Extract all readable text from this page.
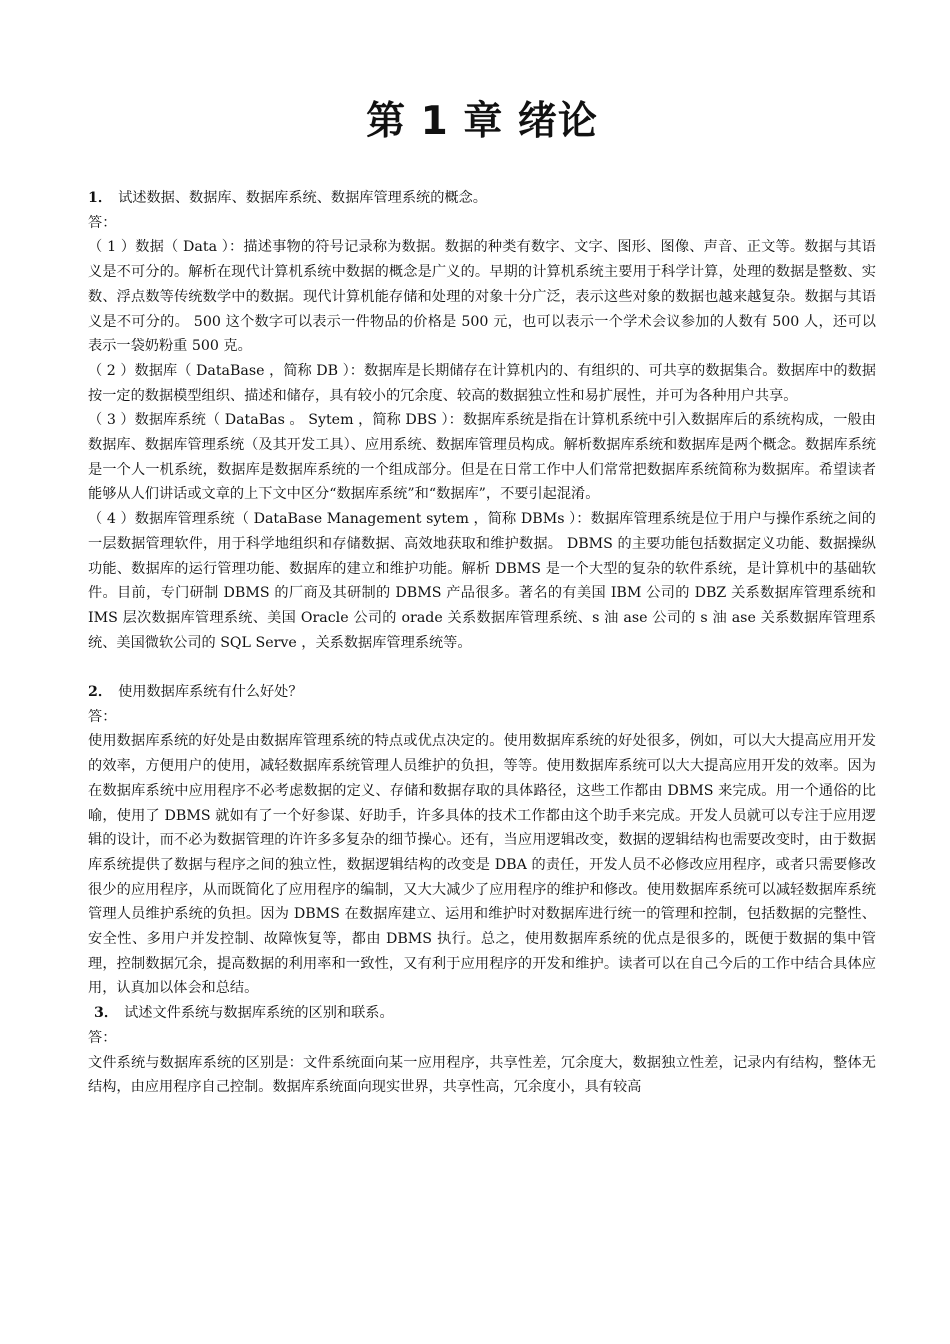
第 1 章 绪论
1． 试述数据、数据库、数据库系统、数据库管理系统的概念。
答：

（ 1 ）数据（ Data ）：描述事物的符号记录称为数据。数据的种类有数字、文字、图形、图像、声音、正文等。数据与其语义是不可分的。解析在现代计算机系统中数据的概念是广义的。早期的计算机系统主要用于科学计算，处理的数据是整数、实数、浮点数等传统数学中的数据。现代计算机能存储和处理的对象十分广泛，表示这些对象的数据也越来越复杂。数据与其语义是不可分的。 500 这个数字可以表示一件物品的价格是 500 元，也可以表示一个学术会议参加的人数有 500 人，还可以表示一袋奶粉重 500 克。

（ 2 ）数据库（ DataBase ，简称 DB ）：数据库是长期储存在计算机内的、有组织的、可共享的数据集合。数据库中的数据按一定的数据模型组织、描述和储存，具有较小的冗余度、较高的数据独立性和易扩展性，并可为各种用户共享。

（ 3 ）数据库系统（ DataBas 。 Sytem ，简称 DBS ）：数据库系统是指在计算机系统中引入数据库后的系统构成，一般由数据库、数据库管理系统（及其开发工具）、应用系统、数据库管理员构成。解析数据库系统和数据库是两个概念。数据库系统是一个人一机系统，数据库是数据库系统的一个组成部分。但是在日常工作中人们常常把数据库系统简称为数据库。希望读者能够从人们讲话或文章的上下文中区分“数据库系统”和“数据库”，不要引起混淆。

（ 4 ）数据库管理系统（ DataBase Management sytem ，简称 DBMs ）：数据库管理系统是位于用户与操作系统之间的一层数据管理软件，用于科学地组织和存储数据、高效地获取和维护数据。 DBMS 的主要功能包括数据定义功能、数据操纵功能、数据库的运行管理功能、数据库的建立和维护功能。解析 DBMS 是一个大型的复杂的软件系统，是计算机中的基础软件。目前，专门研制 DBMS 的厂商及其研制的 DBMS 产品很多。著名的有美国 IBM 公司的 DBZ 关系数据库管理系统和 IMS 层次数据库管理系统、美国 Oracle 公司的 orade 关系数据库管理系统、s 油 ase 公司的 s 油 ase 关系数据库管理系统、美国微软公司的 SQL Serve ，关系数据库管理系统等。

2． 使用数据库系统有什么好处？
答：

使用数据库系统的好处是由数据库管理系统的特点或优点决定的。使用数据库系统的好处很多，例如，可以大大提高应用开发的效率，方便用户的使用，减轻数据库系统管理人员维护的负担，等等。使用数据库系统可以大大提高应用开发的效率。因为在数据库系统中应用程序不必考虑数据的定义、存储和数据存取的具体路径，这些工作都由 DBMS 来完成。用一个通俗的比喻，使用了 DBMS 就如有了一个好参谋、好助手，许多具体的技术工作都由这个助手来完成。开发人员就可以专注于应用逻辑的设计，而不必为数据管理的许许多多复杂的细节操心。还有，当应用逻辑改变，数据的逻辑结构也需要改变时，由于数据库系统提供了数据与程序之间的独立性，数据逻辑结构的改变是 DBA 的责任，开发人员不必修改应用程序，或者只需要修改很少的应用程序，从而既简化了应用程序的编制，又大大减少了应用程序的维护和修改。使用数据库系统可以减轻数据库系统管理人员维护系统的负担。因为 DBMS 在数据库建立、运用和维护时对数据库进行统一的管理和控制，包括数据的完整性、安全性、多用户并发控制、故障恢复等，都由 DBMS 执行。总之，使用数据库系统的优点是很多的，既便于数据的集中管理，控制数据冗余，提高数据的利用率和一致性，又有利于应用程序的开发和维护。读者可以在自己今后的工作中结合具体应用，认真加以体会和总结。

3． 试述文件系统与数据库系统的区别和联系。
答：

文件系统与数据库系统的区别是：文件系统面向某一应用程序，共享性差，冗余度大，数据独立性差，记录内有结构，整体无结构，由应用程序自己控制。数据库系统面向现实世界，共享性高，冗余度小，具有较高
